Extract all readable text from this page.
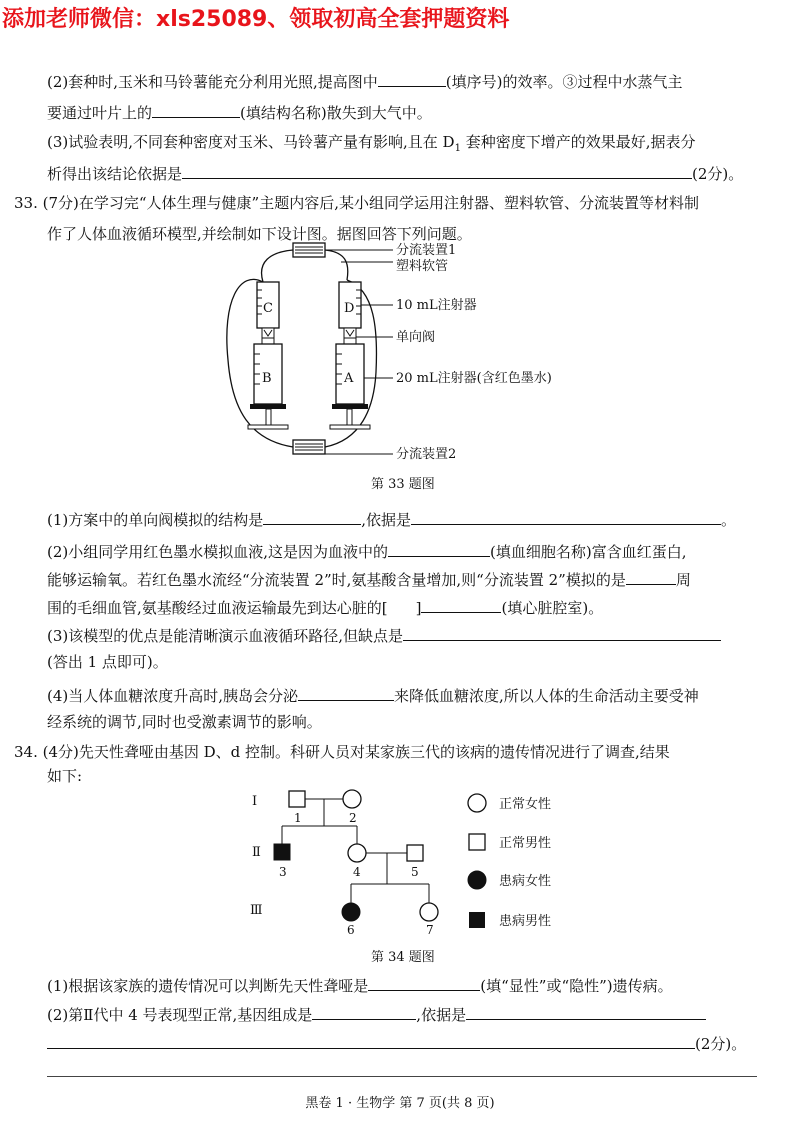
添加老师微信：xls25089、领取初高全套押题资料
(2)套种时,玉米和马铃薯能充分利用光照,提高图中	(填序号)的效率。③过程中水蒸气主
要通过叶片上的	(填结构名称)散失到大气中。
(3)试验表明,不同套种密度对玉米、马铃薯产量有影响,且在 $D_1$ 套种密度下增产的效果最好,据表分
析得出该结论依据是	(2分)。
33. (7分)在学习完“人体生理与健康”主题内容后,某小组同学运用注射器、塑料软管、分流装置等材料制
作了人体血液循环模型,并绘制如下设计图。据图回答下列问题。
C	D
B	A
分流装置1
塑料软管
10 mL注射器
单向阀
20 mL注射器(含红色墨水)
分流装置2
Ⅰ
Ⅱ
Ⅲ
1	2
3	4	5
6	7
正常女性
正常男性
患病女性
患病男性
第 33 题图
(1)方案中的单向阀模拟的结构是	,依据是	。
(2)小组同学用红色墨水模拟血液,这是因为血液中的	(填血细胞名称)富含血红蛋白,
能够运输氧。若红色墨水流经“分流装置 2”时,氨基酸含量增加,则“分流装置 2”模拟的是	周
围的毛细血管,氨基酸经过血液运输最先到达心脏的[ ]	(填心脏腔室)。
(3)该模型的优点是能清晰演示血液循环路径,但缺点是
(答出 1 点即可)。
(4)当人体血糖浓度升高时,胰岛会分泌	来降低血糖浓度,所以人体的生命活动主要受神
经系统的调节,同时也受激素调节的影响。
34. (4分)先天性聋哑由基因 D、d 控制。科研人员对某家族三代的该病的遗传情况进行了调查,结果
如下:
第 34 题图
(1)根据该家族的遗传情况可以判断先天性聋哑是	(填“显性”或“隐性”)遗传病。
(2)第Ⅱ代中 4 号表现型正常,基因组成是	,依据是
(2分)。
黑卷 1 · 生物学 第 7 页(共 8 页)
